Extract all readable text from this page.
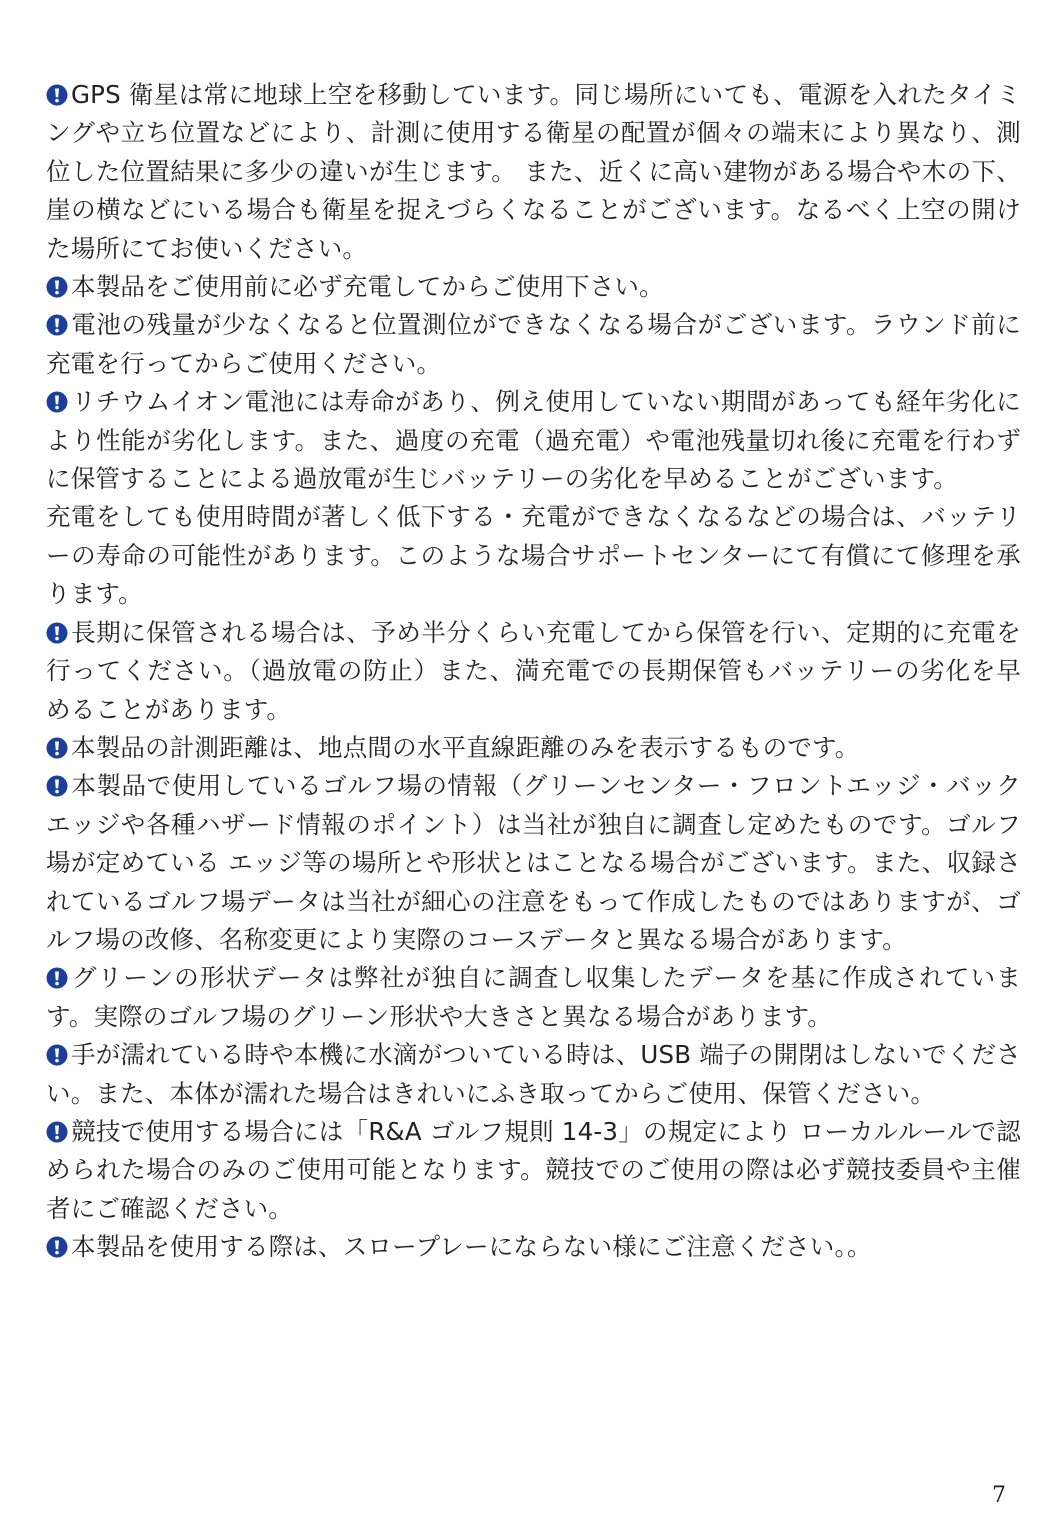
GPS 衛星は常に地球上空を移動しています。同じ場所にいても、電源を入れたタイミングや立ち位置などにより、計測に使用する衛星の配置が個々の端末により異なり、測位した位置結果に多少の違いが生じます。 また、近くに高い建物がある場合や木の下、崖の横などにいる場合も衛星を捉えづらくなることがございます。なるべく上空の開けた場所にてお使いください。

本製品をご使用前に必ず充電してからご使用下さい。

電池の残量が少なくなると位置測位ができなくなる場合がございます。ラウンド前に充電を行ってからご使用ください。

リチウムイオン電池には寿命があり、例え使用していない期間があっても経年劣化により性能が劣化します。また、過度の充電（過充電）や電池残量切れ後に充電を行わずに保管することによる過放電が生じバッテリーの劣化を早めることがございます。

充電をしても使用時間が著しく低下する・充電ができなくなるなどの場合は、バッテリーの寿命の可能性があります。このような場合サポートセンターにて有償にて修理を承ります。

長期に保管される場合は、予め半分くらい充電してから保管を行い、定期的に充電を行ってください。（過放電の防止）また、満充電での長期保管もバッテリーの劣化を早めることがあります。

本製品の計測距離は、地点間の水平直線距離のみを表示するものです。

本製品で使用しているゴルフ場の情報（グリーンセンター・フロントエッジ・バックエッジや各種ハザード情報のポイント）は当社が独自に調査し定めたものです。ゴルフ場が定めている エッジ等の場所とや形状とはことなる場合がございます。また、収録されているゴルフ場データは当社が細心の注意をもって作成したものではありますが、ゴルフ場の改修、名称変更により実際のコースデータと異なる場合があります。

グリーンの形状データは弊社が独自に調査し収集したデータを基に作成されています。実際のゴルフ場のグリーン形状や大きさと異なる場合があります。

手が濡れている時や本機に水滴がついている時は、USB 端子の開閉はしないでください。また、本体が濡れた場合はきれいにふき取ってからご使用、保管ください。

競技で使用する場合には「R&A ゴルフ規則 14-3」の規定により ローカルルールで認められた場合のみのご使用可能となります。競技でのご使用の際は必ず競技委員や主催者にご確認ください。

本製品を使用する際は、スロープレーにならない様にご注意ください。。

7
